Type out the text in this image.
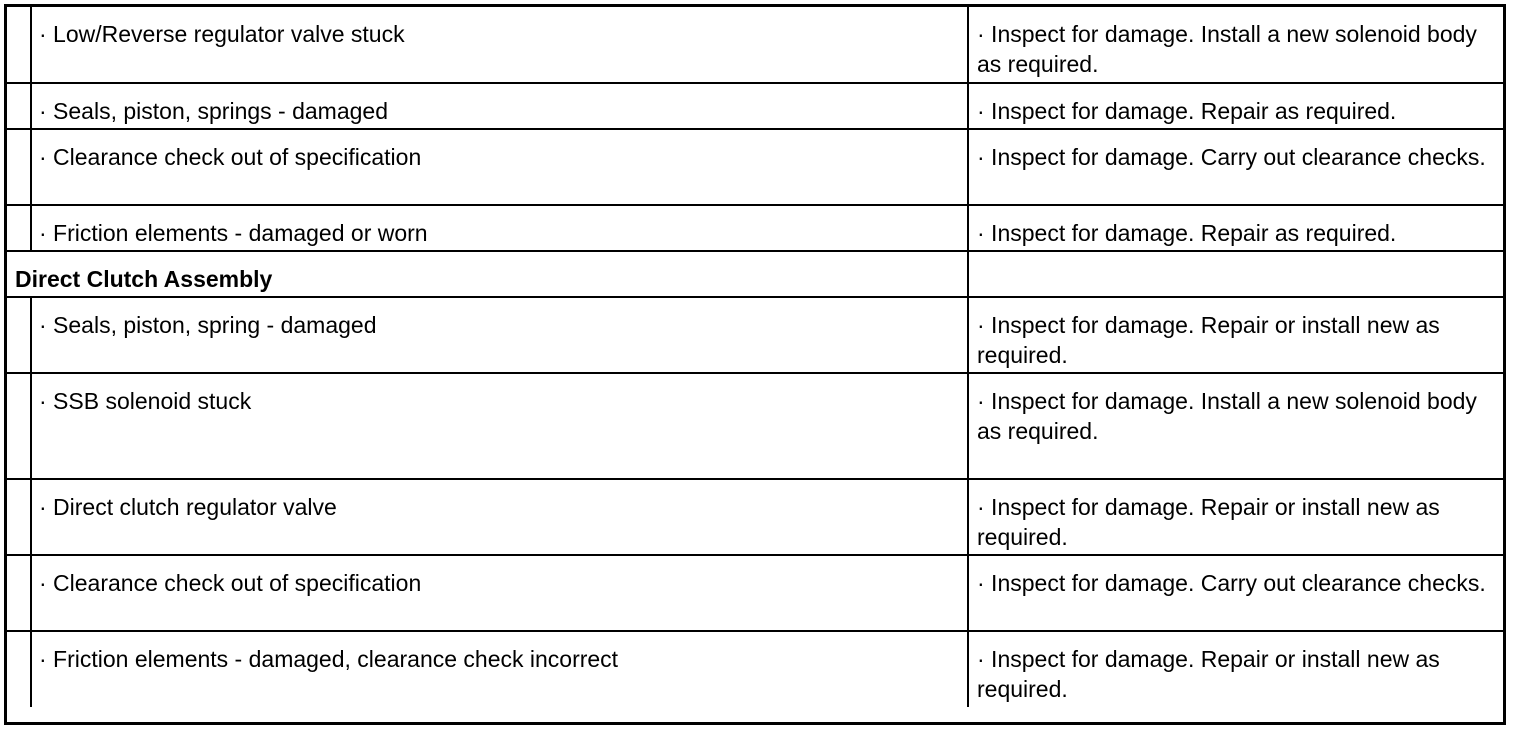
	· Low/Reverse regulator valve stuck	· Inspect for damage. Install a new solenoid body as required.

	· Seals, piston, springs - damaged	· Inspect for damage. Repair as required.

	· Clearance check out of specification	· Inspect for damage. Carry out clearance checks.

	· Friction elements - damaged or worn	· Inspect for damage. Repair as required.

Direct Clutch Assembly		

	· Seals, piston, spring - damaged	· Inspect for damage. Repair or install new as required.

	· SSB solenoid stuck	· Inspect for damage. Install a new solenoid body as required.

	· Direct clutch regulator valve	· Inspect for damage. Repair or install new as required.

	· Clearance check out of specification	· Inspect for damage. Carry out clearance checks.

	· Friction elements - damaged, clearance check incorrect	· Inspect for damage. Repair or install new as required.
